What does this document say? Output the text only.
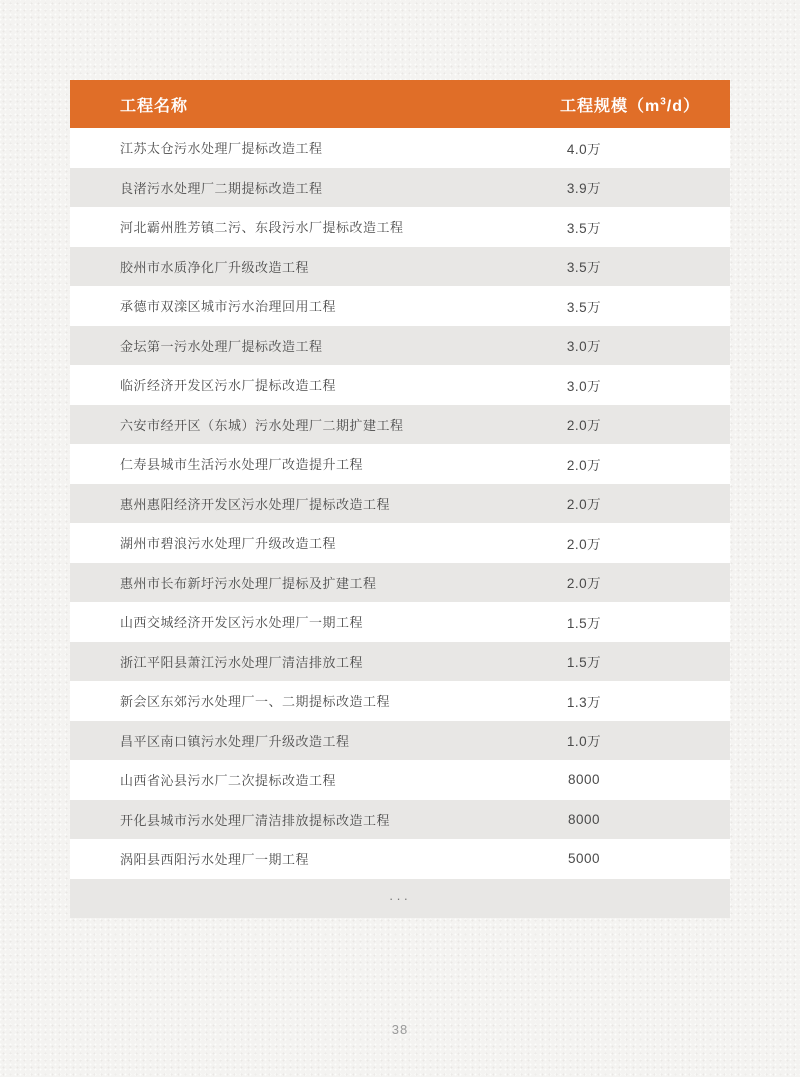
工程名称	工程规模$(m^3/d)$
江苏太仓污水处理厂提标改造工程	4.0万
良渚污水处理厂二期提标改造工程	3.9万
河北霸州胜芳镇二污、东段污水厂提标改造工程	3.5万
胶州市水质净化厂升级改造工程	3.5万
承德市双滦区城市污水治理回用工程	3.5万
金坛第一污水处理厂提标改造工程	3.0万
临沂经济开发区污水厂提标改造工程	3.0万
六安市经开区（东城）污水处理厂二期扩建工程	2.0万
仁寿县城市生活污水处理厂改造提升工程	2.0万
惠州惠阳经济开发区污水处理厂提标改造工程	2.0万
湖州市碧浪污水处理厂升级改造工程	2.0万
惠州市长布新圩污水处理厂提标及扩建工程	2.0万
山西交城经济开发区污水处理厂一期工程	1.5万
浙江平阳县萧江污水处理厂清洁排放工程	1.5万
新会区东郊污水处理厂一、二期提标改造工程	1.3万
昌平区南口镇污水处理厂升级改造工程	1.0万
山西省沁县污水厂二次提标改造工程	8000
开化县城市污水处理厂清洁排放提标改造工程	8000
涡阳县西阳污水处理厂一期工程	5000
···
38
